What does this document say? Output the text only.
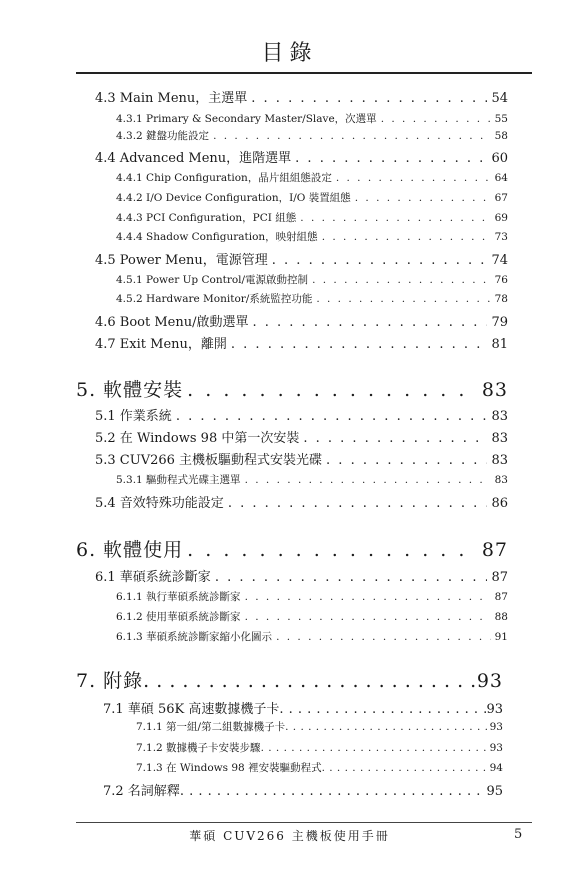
目錄
4.3 Main Menu，主選單 . . .	54
4.3.1 Primary & Secondary Master/Slave，次選單 . . .	55
4.3.2 鍵盤功能設定 . . .	58
4.4 Advanced Menu，進階選單 . . .	60
4.4.1 Chip Configuration，晶片組組態設定 . . .	64
4.4.2 I/O Device Configuration，I/O 裝置組態 . . .	67
4.4.3 PCI Configuration，PCI 組態 . . .	69
4.4.4 Shadow Configuration，映射組態 . . .	73
4.5 Power Menu，電源管理 . . .	74
4.5.1 Power Up Control/電源啟動控制 . . .	76
4.5.2 Hardware Monitor/系統監控功能 . . .	78
4.6 Boot Menu/啟動選單 . . .	79
4.7 Exit Menu，離開 . . .	81
5. 軟體安裝 . . .	83
5.1 作業系統 . . .	83
5.2 在 Windows 98 中第一次安裝 . . .	83
5.3 CUV266 主機板驅動程式安裝光碟 . . .	83
5.3.1 驅動程式光碟主選單 . . .	83
5.4 音效特殊功能設定 . . .	86
6. 軟體使用 . . .	87
6.1 華碩系統診斷家 . . .	87
6.1.1 執行華碩系統診斷家 . . .	87
6.1.2 使用華碩系統診斷家 . . .	88
6.1.3 華碩系統診斷家縮小化圖示 . . .	91
7. 附錄 . . .	93
7.1 華碩 56K 高速數據機子卡 . . .	93
7.1.1 第一組/第二組數據機子卡 . . .	93
7.1.2 數據機子卡安裝步驟 . . .	93
7.1.3 在 Windows 98 裡安裝驅動程式 . . .	94
7.2 名詞解釋 . . .	95
華碩 CUV266 主機板使用手冊	5
